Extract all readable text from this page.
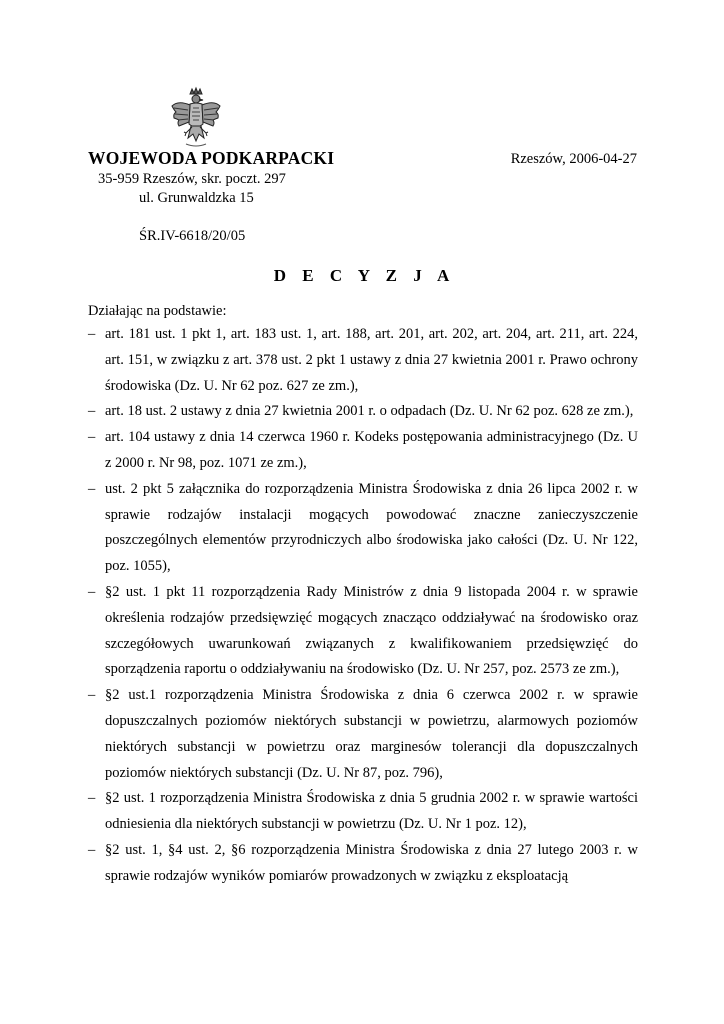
WOJEWODA PODKARPACKI	Rzeszów, 2006-04-27
35-959 Rzeszów, skr. poczt. 297
ul. Grunwaldzka 15
ŚR.IV-6618/20/05
D E C Y Z J A
Działając na podstawie:
– art. 181 ust. 1 pkt 1, art. 183 ust. 1, art. 188, art. 201, art. 202, art. 204, art. 211, art. 224, art. 151, w związku z art. 378 ust. 2 pkt 1 ustawy z dnia 27 kwietnia 2001 r. Prawo ochrony środowiska (Dz. U. Nr 62 poz. 627 ze zm.),
– art. 18 ust. 2 ustawy z dnia 27 kwietnia 2001 r. o odpadach (Dz. U. Nr 62 poz. 628 ze zm.),
– art. 104 ustawy z dnia 14 czerwca 1960 r. Kodeks postępowania administracyjnego (Dz. U z 2000 r. Nr 98, poz. 1071 ze zm.),
– ust. 2 pkt 5 załącznika do rozporządzenia Ministra Środowiska z dnia 26 lipca 2002 r. w sprawie rodzajów instalacji mogących powodować znaczne zanieczyszczenie poszczególnych elementów przyrodniczych albo środowiska jako całości (Dz. U. Nr 122, poz. 1055),
– §2 ust. 1 pkt 11 rozporządzenia Rady Ministrów z dnia 9 listopada 2004 r. w sprawie określenia rodzajów przedsięwzięć mogących znacząco oddziaływać na środowisko oraz szczegółowych uwarunkowań związanych z kwalifikowaniem przedsięwzięć do sporządzenia raportu o oddziaływaniu na środowisko (Dz. U. Nr 257, poz. 2573 ze zm.),
– §2 ust.1 rozporządzenia Ministra Środowiska z dnia 6 czerwca 2002 r. w sprawie dopuszczalnych poziomów niektórych substancji w powietrzu, alarmowych poziomów niektórych substancji w powietrzu oraz marginesów tolerancji dla dopuszczalnych poziomów niektórych substancji (Dz. U. Nr 87, poz. 796),
– §2 ust. 1 rozporządzenia Ministra Środowiska z dnia 5 grudnia 2002 r. w sprawie wartości odniesienia dla niektórych substancji w powietrzu (Dz. U. Nr 1 poz. 12),
– §2 ust. 1, §4 ust. 2, §6 rozporządzenia Ministra Środowiska z dnia 27 lutego 2003 r. w sprawie rodzajów wyników pomiarów prowadzonych w związku z eksploatacją
